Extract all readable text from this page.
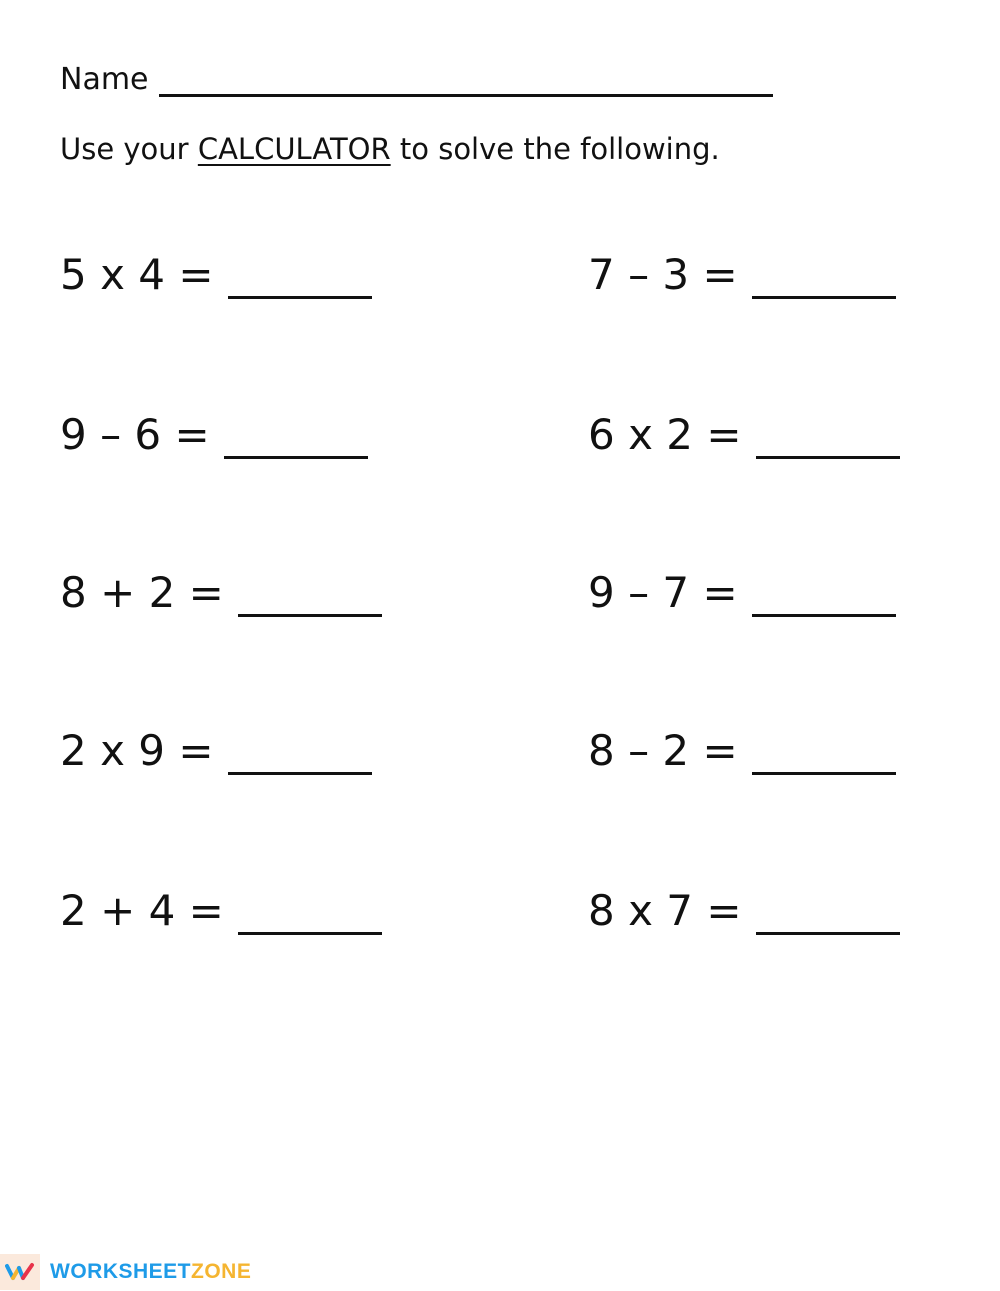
Name
Use your CALCULATOR to solve the following.
5 x 4 =	7 – 3 =
9 – 6 =	6 x 2 =
8 + 2 =	9 – 7 =
2 x 9 =	8 – 2 =
2 + 4 =	8 x 7 =
WORKSHEETZONE
